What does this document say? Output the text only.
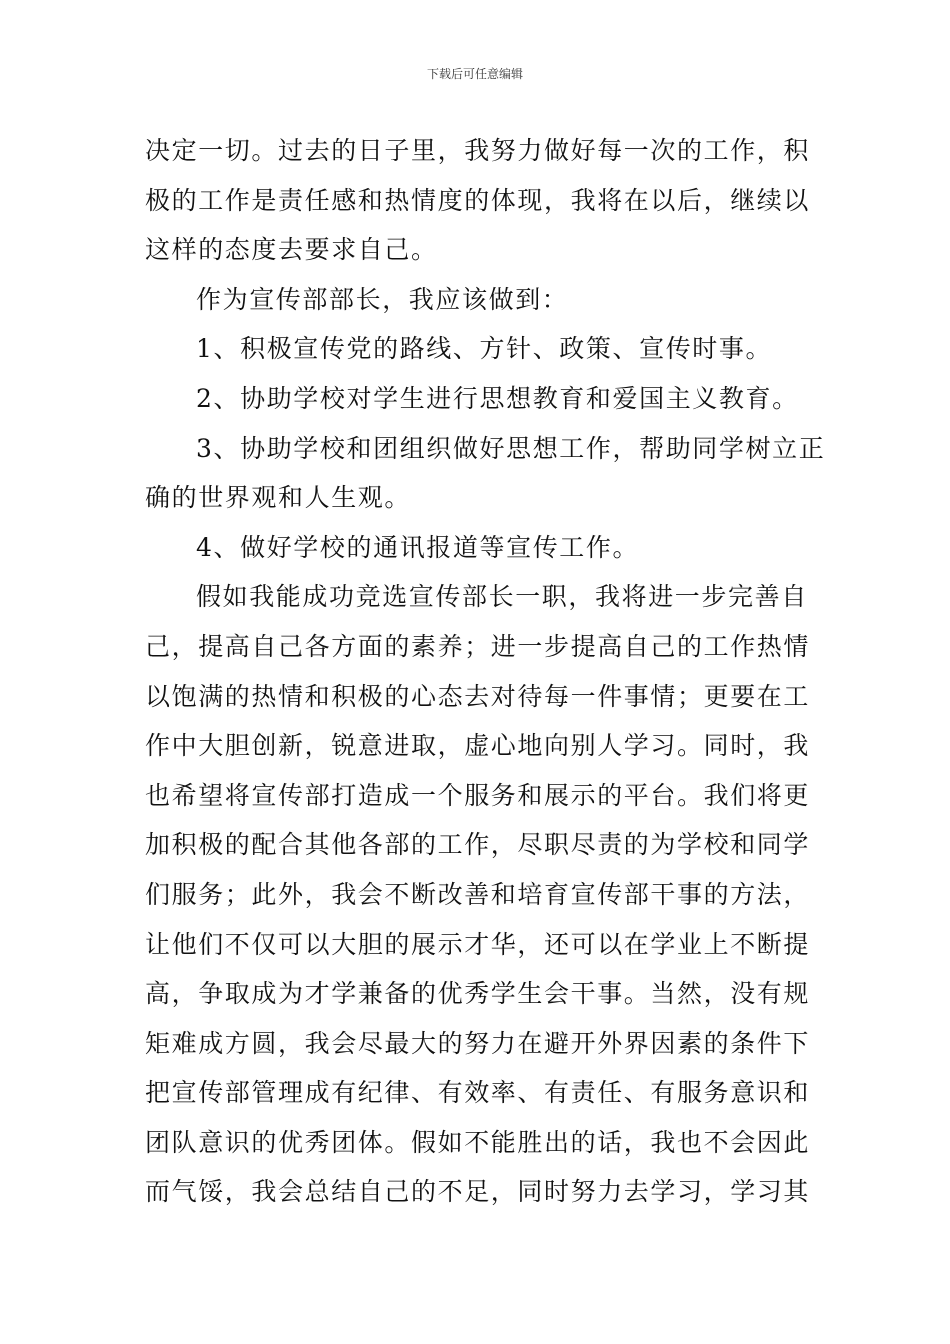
下载后可任意编辑
决定一切。过去的日子里，我努力做好每一次的工作，积
极的工作是责任感和热情度的体现，我将在以后，继续以
这样的态度去要求自己。
作为宣传部部长，我应该做到：
1、积极宣传党的路线、方针、政策、宣传时事。
2、协助学校对学生进行思想教育和爱国主义教育。
3、协助学校和团组织做好思想工作，帮助同学树立正
确的世界观和人生观。
4、做好学校的通讯报道等宣传工作。
假如我能成功竞选宣传部长一职，我将进一步完善自
己，提高自己各方面的素养；进一步提高自己的工作热情
以饱满的热情和积极的心态去对待每一件事情；更要在工
作中大胆创新，锐意进取，虚心地向别人学习。同时，我
也希望将宣传部打造成一个服务和展示的平台。我们将更
加积极的配合其他各部的工作，尽职尽责的为学校和同学
们服务；此外，我会不断改善和培育宣传部干事的方法，
让他们不仅可以大胆的展示才华，还可以在学业上不断提
高，争取成为才学兼备的优秀学生会干事。当然，没有规
矩难成方圆，我会尽最大的努力在避开外界因素的条件下
把宣传部管理成有纪律、有效率、有责任、有服务意识和
团队意识的优秀团体。假如不能胜出的话，我也不会因此
而气馁，我会总结自己的不足，同时努力去学习，学习其
